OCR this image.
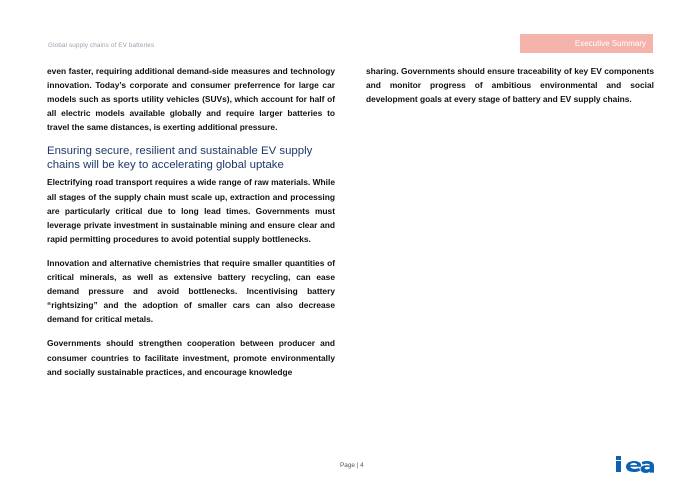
Global supply chains of EV batteries	Executive Summary

even faster, requiring additional demand-side measures and technology innovation. Today’s corporate and consumer preferrence for large car models such as sports utility vehicles (SUVs), which account for half of all electric models available globally and require larger batteries to travel the same distances, is exerting additional pressure.

Ensuring secure, resilient and sustainable EV supply chains will be key to accelerating global uptake

Electrifying road transport requires a wide range of raw materials. While all stages of the supply chain must scale up, extraction and processing are particularly critical due to long lead times. Governments must leverage private investment in sustainable mining and ensure clear and rapid permitting procedures to avoid potential supply bottlenecks.

Innovation and alternative chemistries that require smaller quantities of critical minerals, as well as extensive battery recycling, can ease demand pressure and avoid bottlenecks. Incentivising battery “rightsizing” and the adoption of smaller cars can also decrease demand for critical metals.

Governments should strengthen cooperation between producer and consumer countries to facilitate investment, promote environmentally and socially sustainable practices, and encourage knowledge

sharing. Governments should ensure traceability of key EV components and monitor progress of ambitious environmental and social development goals at every stage of battery and EV supply chains.

Page | 4
